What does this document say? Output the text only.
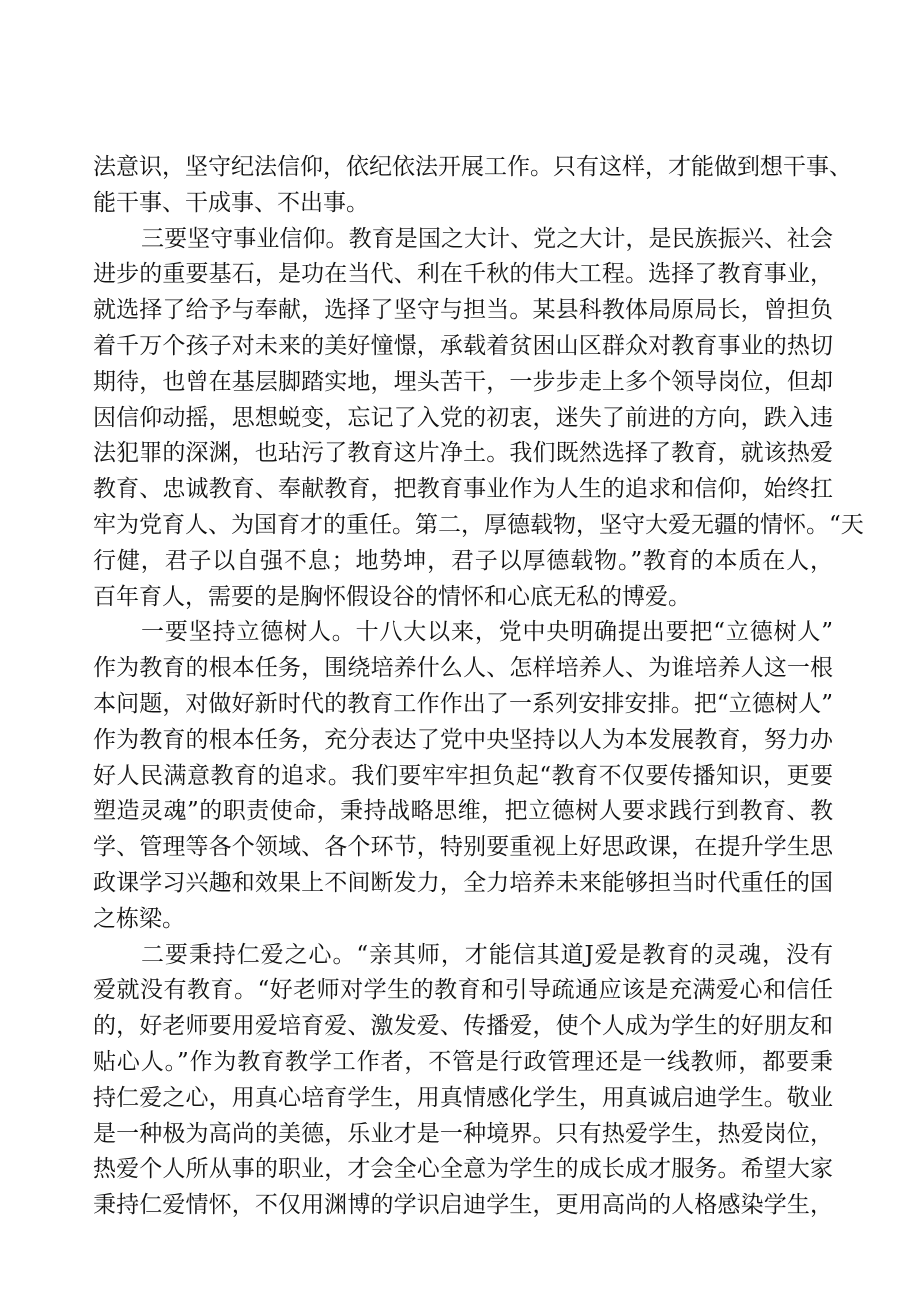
法意识，坚守纪法信仰，依纪依法开展工作。只有这样，才能做到想干事、
能干事、干成事、不出事。
三要坚守事业信仰。教育是国之大计、党之大计，是民族振兴、社会
进步的重要基石，是功在当代、利在千秋的伟大工程。选择了教育事业，
就选择了给予与奉献，选择了坚守与担当。某县科教体局原局长，曾担负
着千万个孩子对未来的美好憧憬，承载着贫困山区群众对教育事业的热切
期待，也曾在基层脚踏实地，埋头苦干，一步步走上多个领导岗位，但却
因信仰动摇，思想蜕变，忘记了入党的初衷，迷失了前进的方向，跌入违
法犯罪的深渊，也玷污了教育这片净土。我们既然选择了教育，就该热爱
教育、忠诚教育、奉献教育，把教育事业作为人生的追求和信仰，始终扛
牢为党育人、为国育才的重任。第二，厚德载物，坚守大爱无疆的情怀。“天
行健，君子以自强不息；地势坤，君子以厚德载物。”教育的本质在人，
百年育人，需要的是胸怀假设谷的情怀和心底无私的博爱。
一要坚持立德树人。十八大以来，党中央明确提出要把“立德树人”
作为教育的根本任务，围绕培养什么人、怎样培养人、为谁培养人这一根
本问题，对做好新时代的教育工作作出了一系列安排安排。把“立德树人”
作为教育的根本任务，充分表达了党中央坚持以人为本发展教育，努力办
好人民满意教育的追求。我们要牢牢担负起“教育不仅要传播知识，更要
塑造灵魂”的职责使命，秉持战略思维，把立德树人要求践行到教育、教
学、管理等各个领域、各个环节，特别要重视上好思政课，在提升学生思
政课学习兴趣和效果上不间断发力，全力培养未来能够担当时代重任的国
之栋梁。
二要秉持仁爱之心。“亲其师，才能信其道J爱是教育的灵魂，没有
爱就没有教育。“好老师对学生的教育和引导疏通应该是充满爱心和信任
的，好老师要用爱培育爱、激发爱、传播爱，使个人成为学生的好朋友和
贴心人。”作为教育教学工作者，不管是行政管理还是一线教师，都要秉
持仁爱之心，用真心培育学生，用真情感化学生，用真诚启迪学生。敬业
是一种极为高尚的美德，乐业才是一种境界。只有热爱学生，热爱岗位，
热爱个人所从事的职业，才会全心全意为学生的成长成才服务。希望大家
秉持仁爱情怀，不仅用渊博的学识启迪学生，更用高尚的人格感染学生，
